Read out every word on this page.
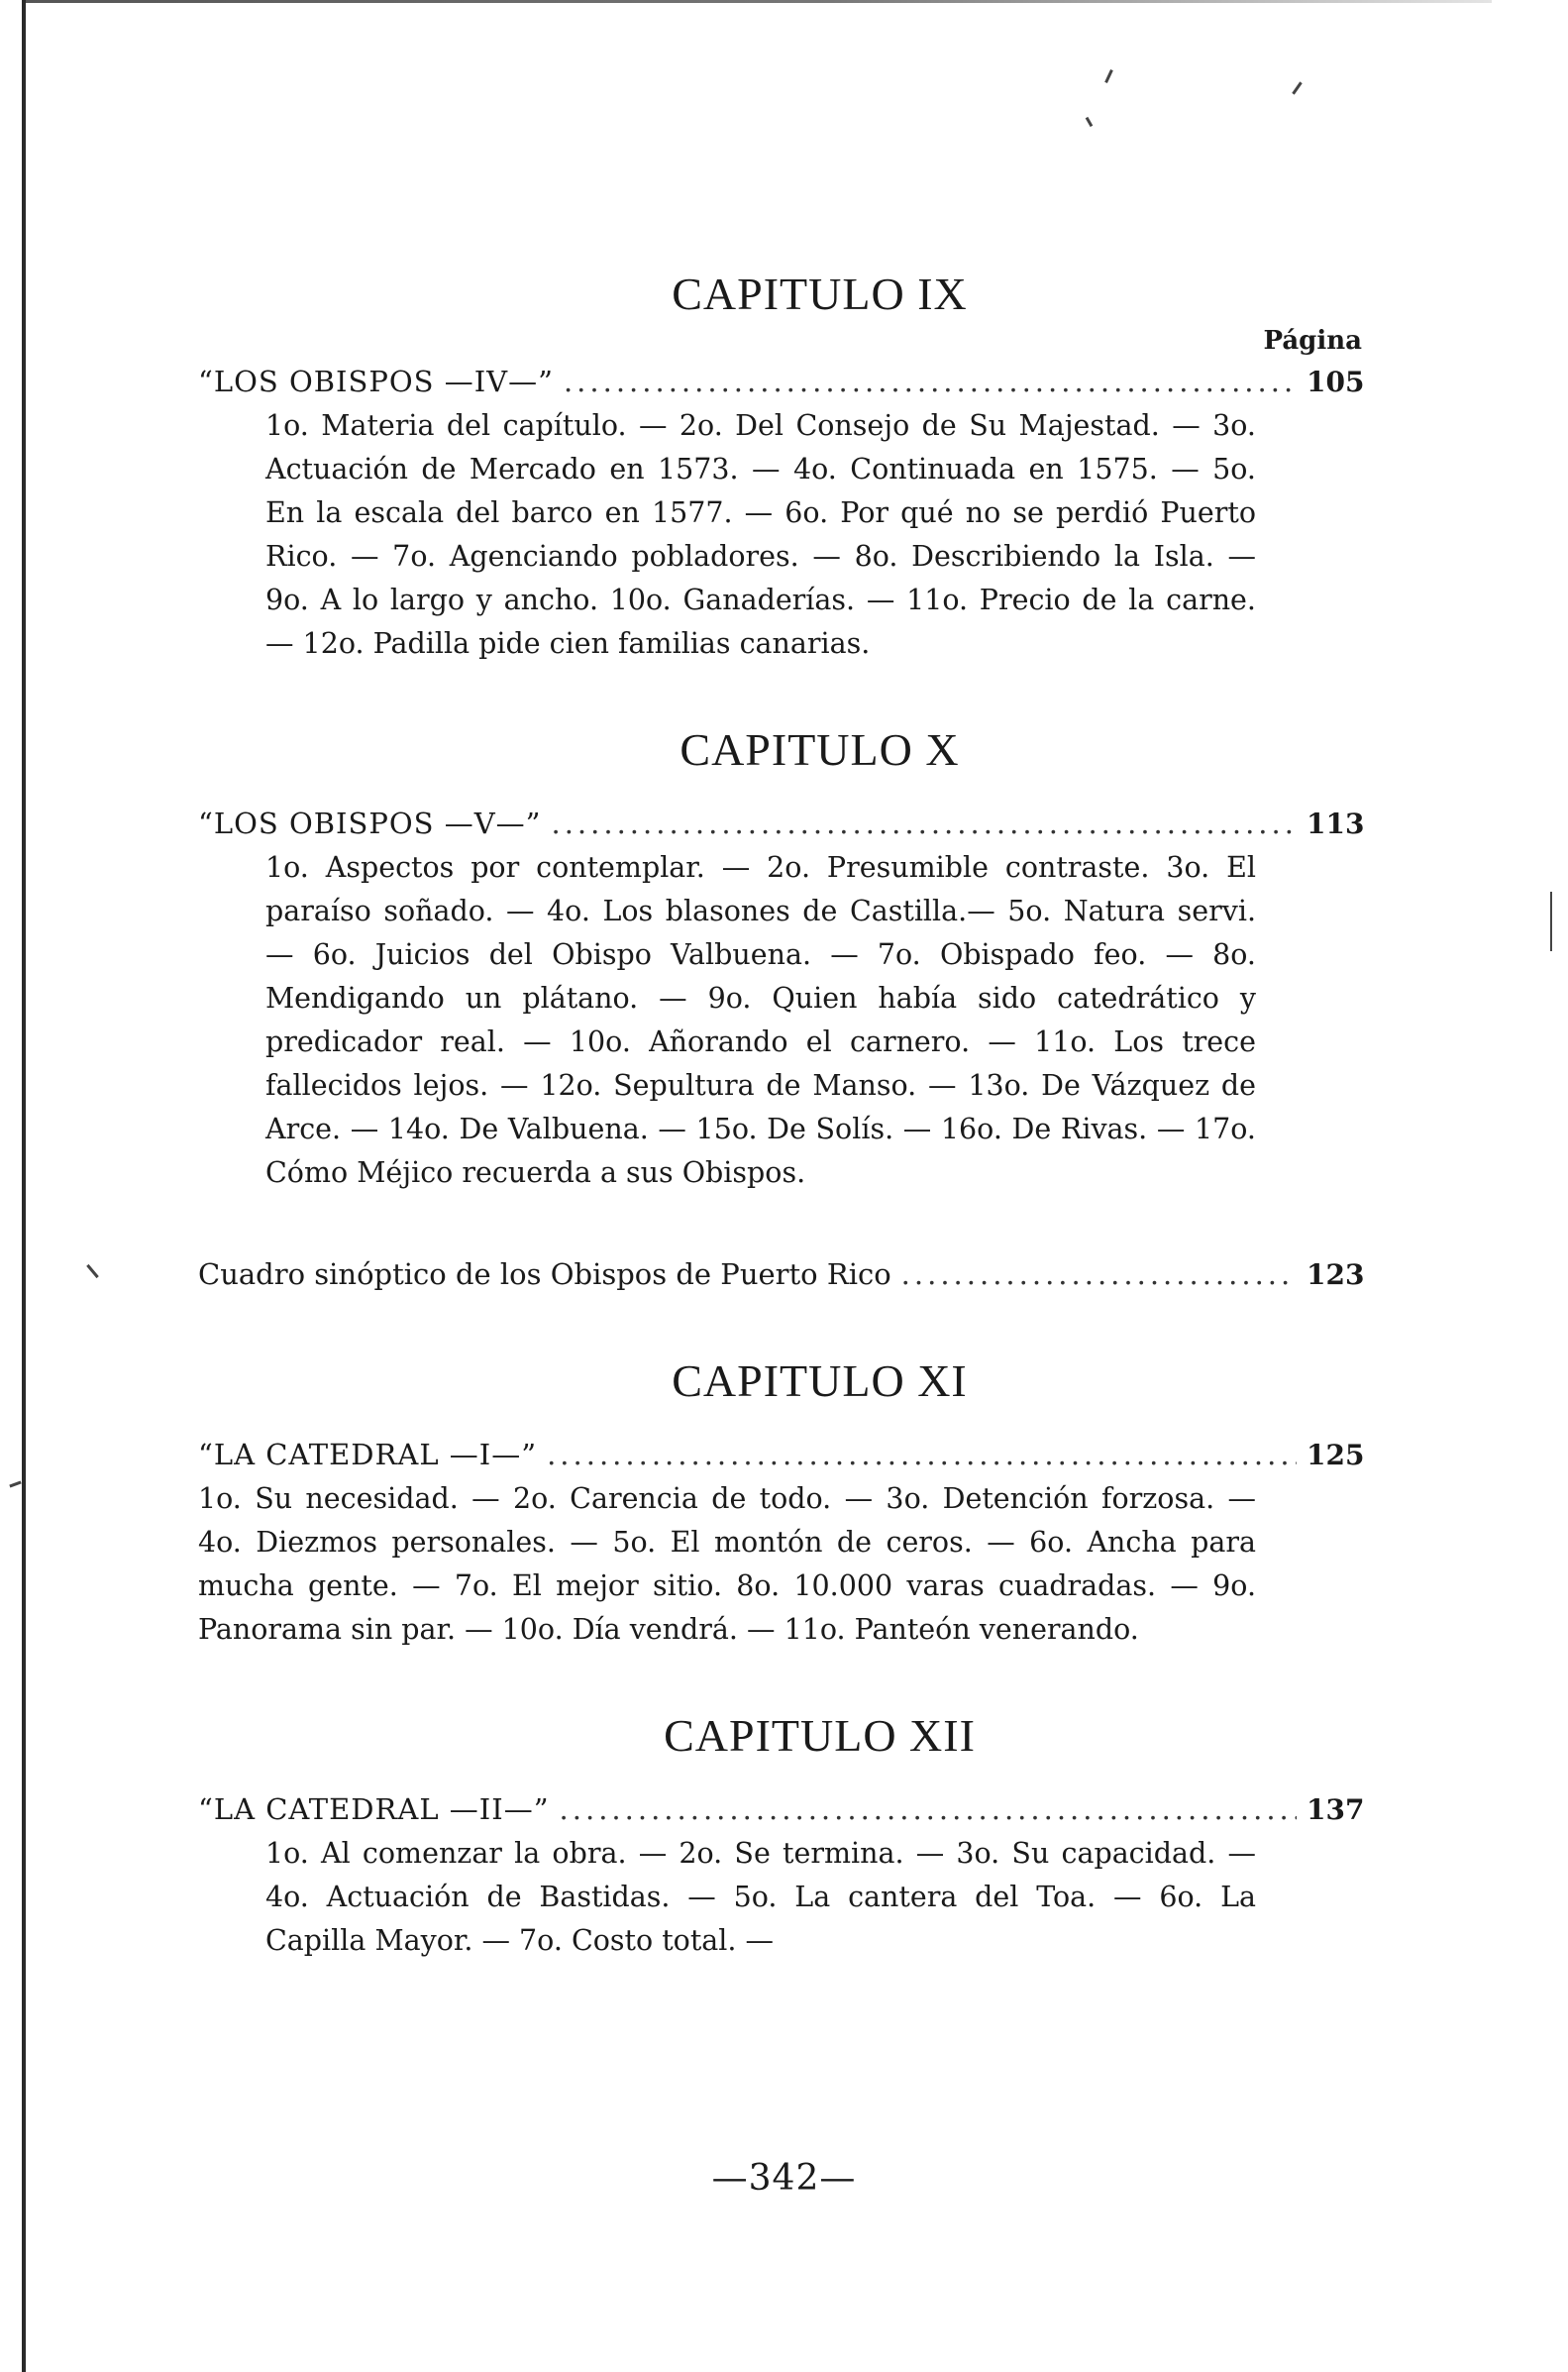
CAPITULO IX
Página
“LOS OBISPOS —IV—” .....	105

1o. Materia del capítulo. — 2o. Del Consejo de Su Majestad. — 3o. Actuación de Mercado en 1573. — 4o. Continuada en 1575. — 5o. En la escala del barco en 1577. — 6o. Por qué no se perdió Puerto Rico. — 7o. Agenciando pobladores. — 8o. Describiendo la Isla. — 9o. A lo largo y ancho. 10o. Ganaderías. — 11o. Precio de la carne. — 12o. Padilla pide cien familias canarias.

CAPITULO X
“LOS OBISPOS —V—” .....	113

1o. Aspectos por contemplar. — 2o. Presumible contraste. 3o. El paraíso soñado. — 4o. Los blasones de Castilla.— 5o. Natura servi. — 6o. Juicios del Obispo Valbuena. — 7o. Obispado feo. — 8o. Mendigando un plátano. — 9o. Quien había sido catedrático y predicador real. — 10o. Añorando el carnero. — 11o. Los trece fallecidos lejos. — 12o. Sepultura de Manso. — 13o. De Vázquez de Arce. — 14o. De Valbuena. — 15o. De Solís. — 16o. De Rivas. — 17o. Cómo Méjico recuerda a sus Obispos.

Cuadro sinóptico de los Obispos de Puerto Rico .....	123
CAPITULO XI
“LA CATEDRAL —I—” .....	125

1o. Su necesidad. — 2o. Carencia de todo. — 3o. Detención forzosa. — 4o. Diezmos personales. — 5o. El montón de ceros. — 6o. Ancha para mucha gente. — 7o. El mejor sitio. 8o. 10.000 varas cuadradas. — 9o. Panorama sin par. — 10o. Día vendrá. — 11o. Panteón venerando.

CAPITULO XII
“LA CATEDRAL —II—” .....	137

1o. Al comenzar la obra. — 2o. Se termina. — 3o. Su capacidad. — 4o. Actuación de Bastidas. — 5o. La cantera del Toa. — 6o. La Capilla Mayor. — 7o. Costo total. —

—342—
